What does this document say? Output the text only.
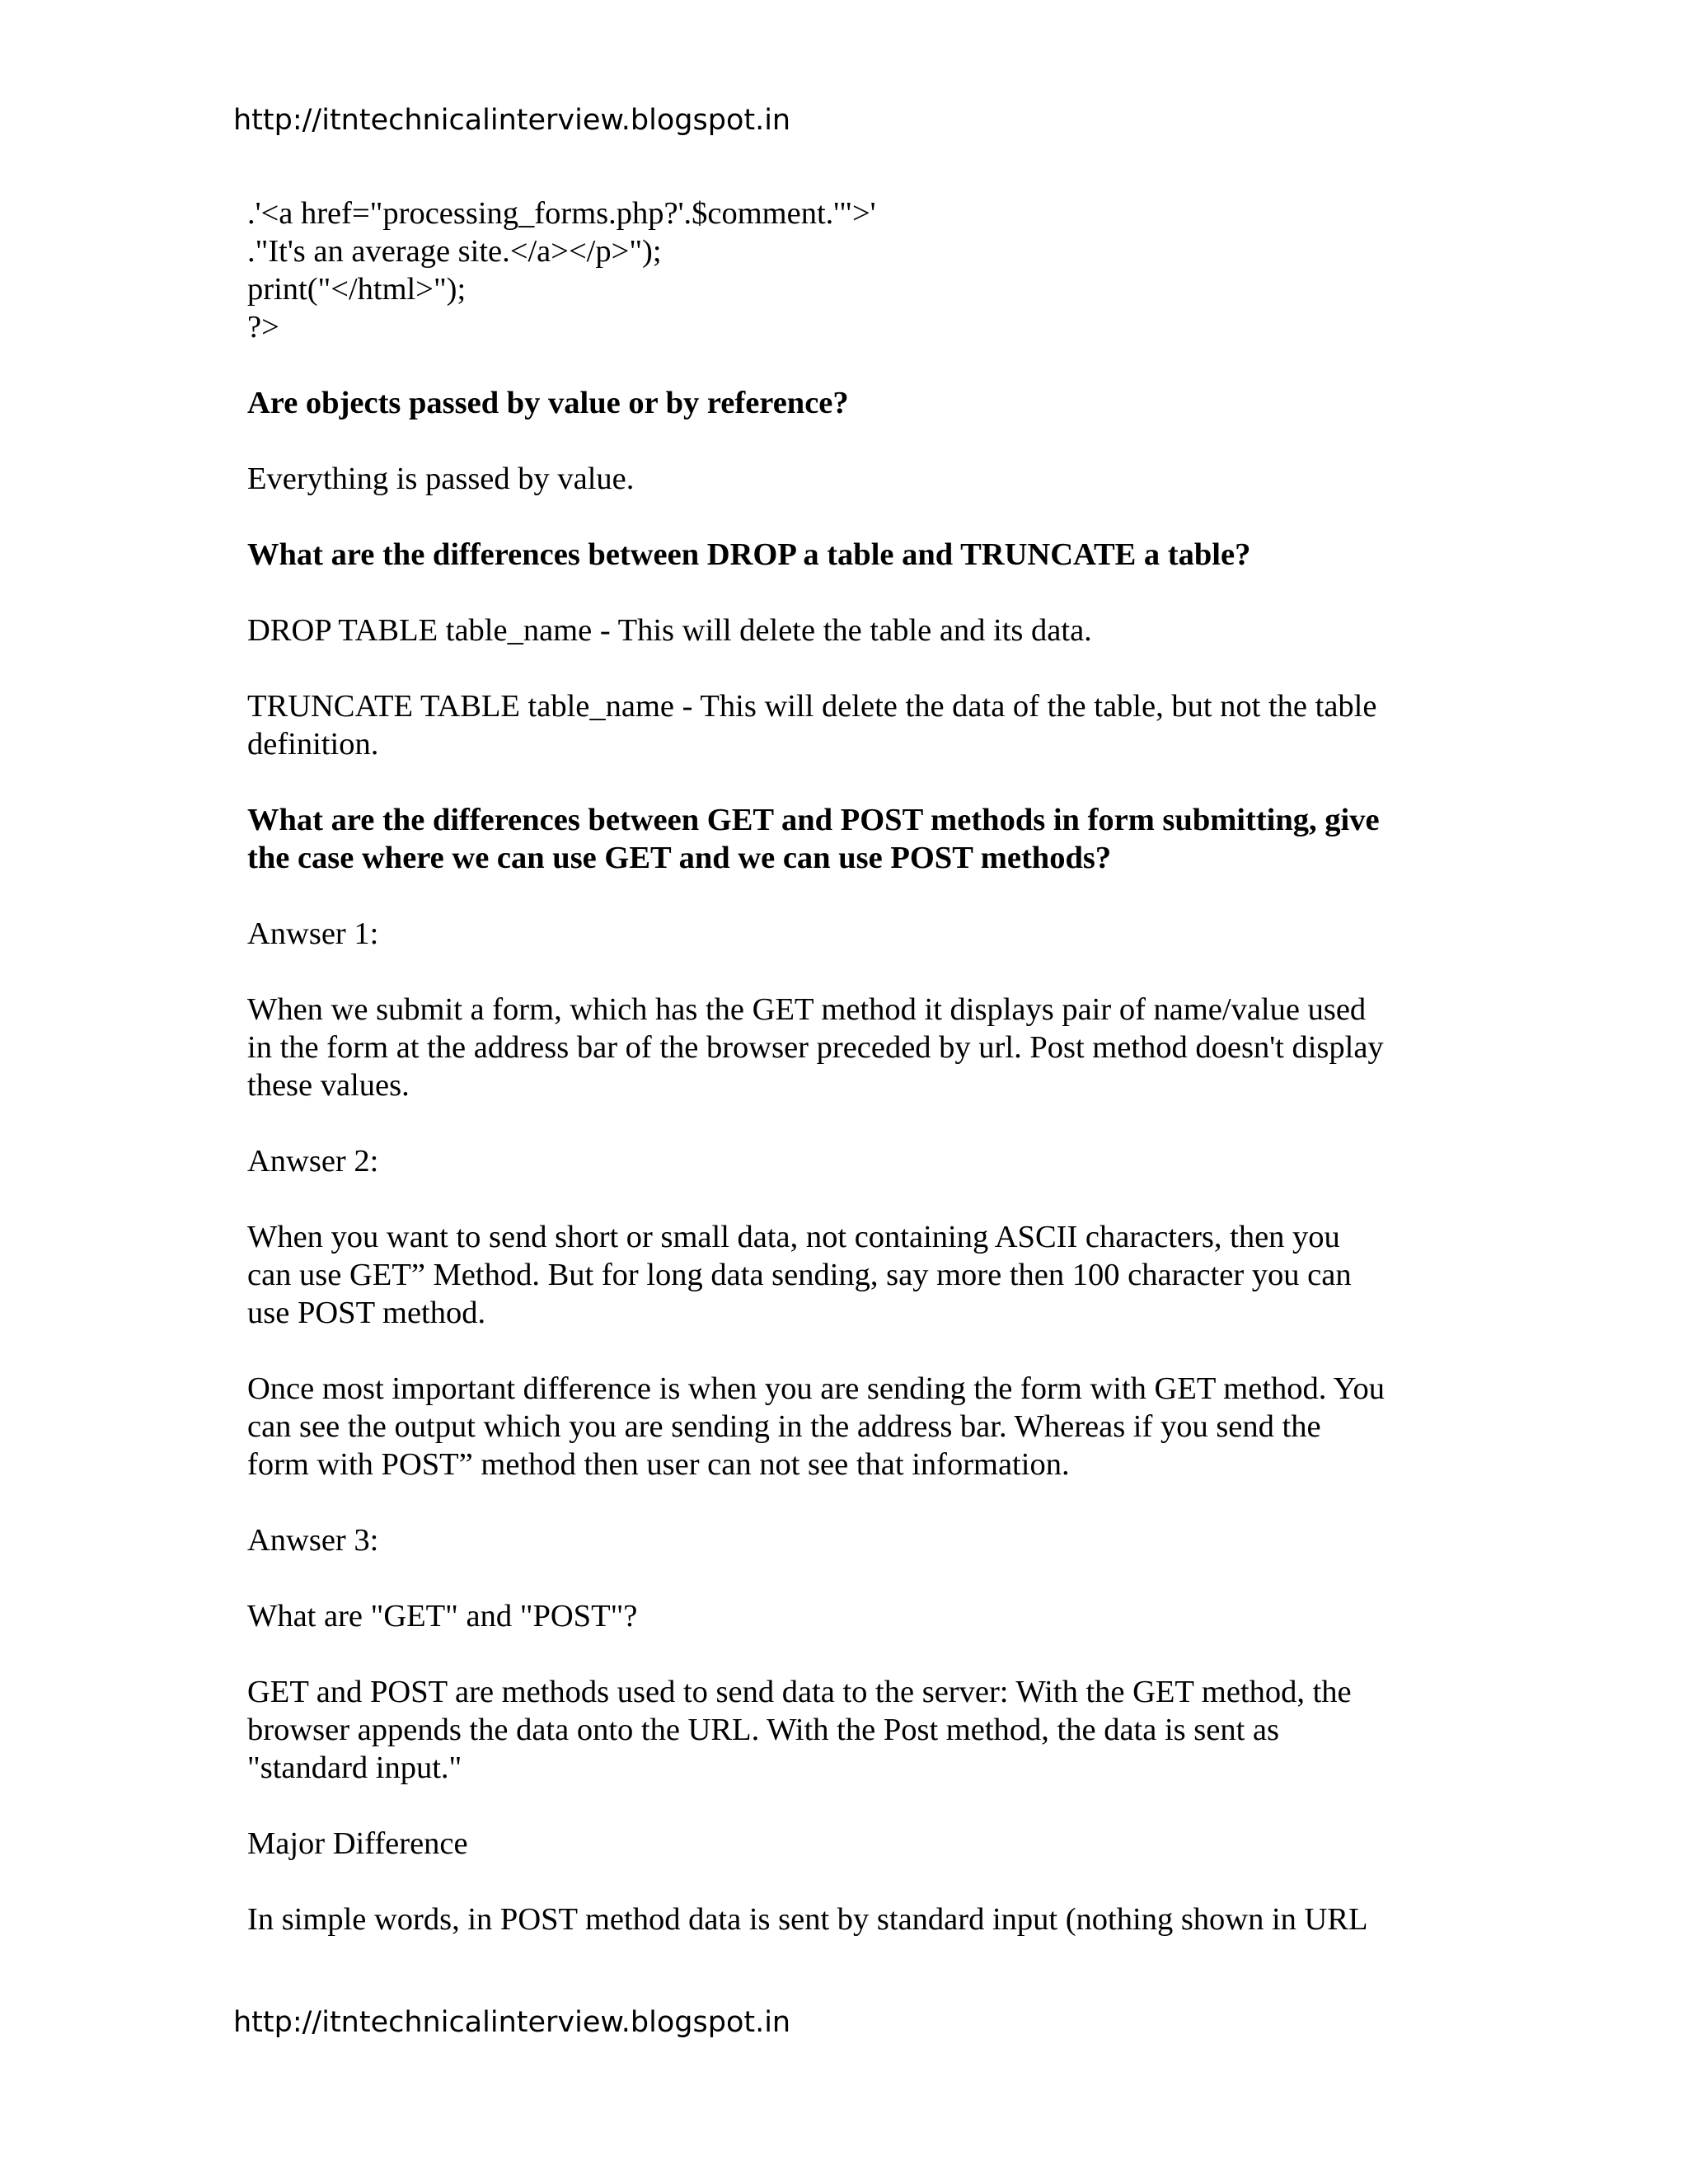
http://itntechnicalinterview.blogspot.in
.'<a href="processing_forms.php?'.$comment.'">'
."It's an average site.</a></p>");
print("</html>");
?>
Are objects passed by value or by reference?
Everything is passed by value.
What are the differences between DROP a table and TRUNCATE a table?
DROP TABLE table_name - This will delete the table and its data.
TRUNCATE TABLE table_name - This will delete the data of the table, but not the table
definition.
What are the differences between GET and POST methods in form submitting, give
the case where we can use GET and we can use POST methods?
Anwser 1:
When we submit a form, which has the GET method it displays pair of name/value used
in the form at the address bar of the browser preceded by url. Post method doesn't display
these values.
Anwser 2:
When you want to send short or small data, not containing ASCII characters, then you
can use GET” Method. But for long data sending, say more then 100 character you can
use POST method.
Once most important difference is when you are sending the form with GET method. You
can see the output which you are sending in the address bar. Whereas if you send the
form with POST” method then user can not see that information.
Anwser 3:
What are "GET" and "POST"?
GET and POST are methods used to send data to the server: With the GET method, the
browser appends the data onto the URL. With the Post method, the data is sent as
"standard input."
Major Difference
In simple words, in POST method data is sent by standard input (nothing shown in URL
http://itntechnicalinterview.blogspot.in
